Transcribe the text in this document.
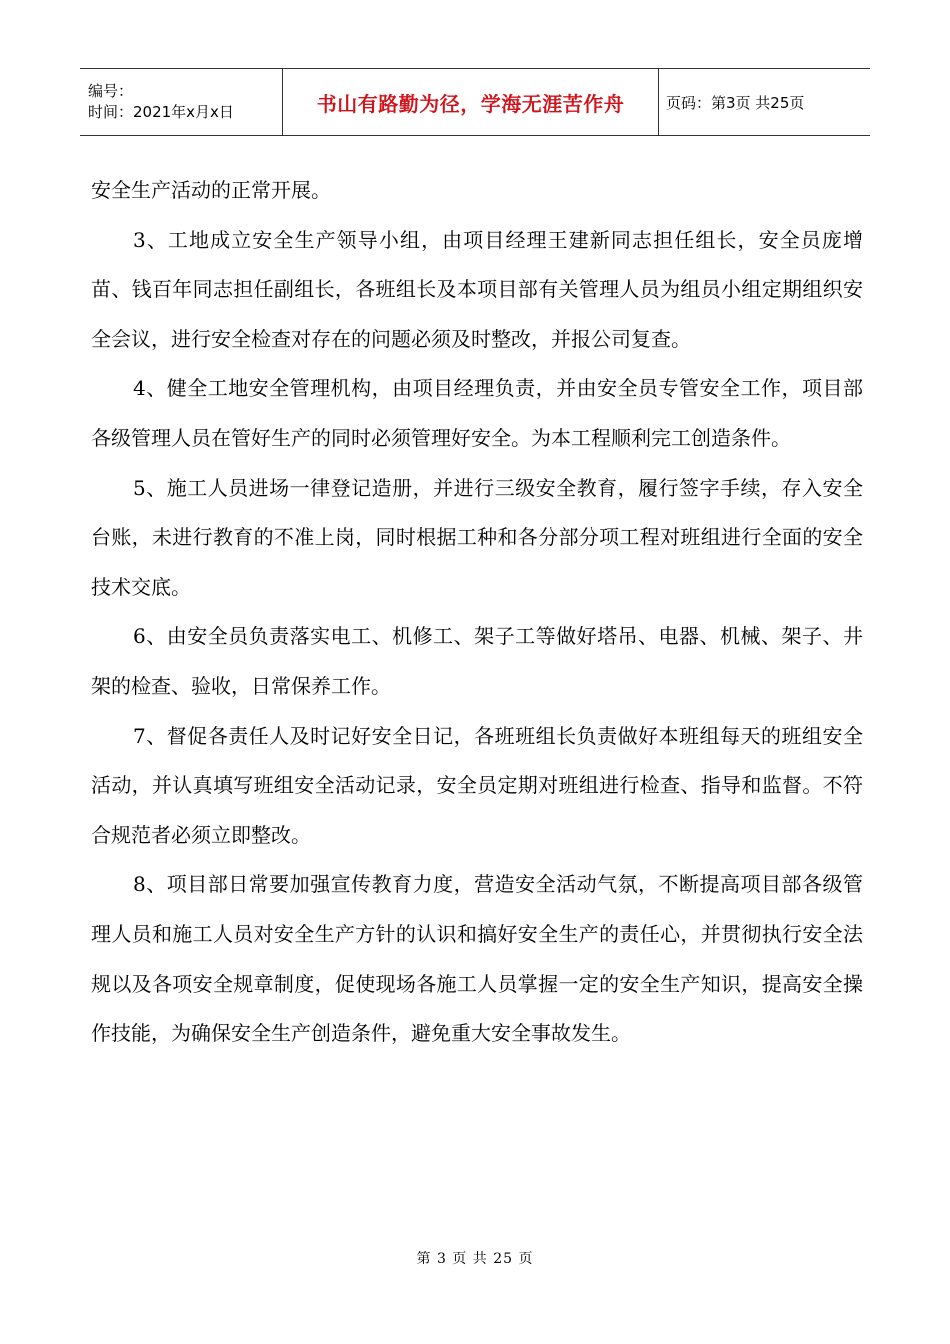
编号：
时间：2021年x月x日	书山有路勤为径，学海无涯苦作舟	页码：第3页 共25页

安全生产活动的正常开展。

3、工地成立安全生产领导小组，由项目经理王建新同志担任组长，安全员庞增苗、钱百年同志担任副组长，各班组长及本项目部有关管理人员为组员小组定期组织安全会议，进行安全检查对存在的问题必须及时整改，并报公司复查。

4、健全工地安全管理机构，由项目经理负责，并由安全员专管安全工作，项目部各级管理人员在管好生产的同时必须管理好安全。为本工程顺利完工创造条件。

5、施工人员进场一律登记造册，并进行三级安全教育，履行签字手续，存入安全台账，未进行教育的不准上岗，同时根据工种和各分部分项工程对班组进行全面的安全技术交底。

6、由安全员负责落实电工、机修工、架子工等做好塔吊、电器、机械、架子、井架的检查、验收，日常保养工作。

7、督促各责任人及时记好安全日记，各班班组长负责做好本班组每天的班组安全活动，并认真填写班组安全活动记录，安全员定期对班组进行检查、指导和监督。不符合规范者必须立即整改。

8、项目部日常要加强宣传教育力度，营造安全活动气氛，不断提高项目部各级管理人员和施工人员对安全生产方针的认识和搞好安全生产的责任心，并贯彻执行安全法规以及各项安全规章制度，促使现场各施工人员掌握一定的安全生产知识，提高安全操作技能，为确保安全生产创造条件，避免重大安全事故发生。

第 3 页 共 25 页
